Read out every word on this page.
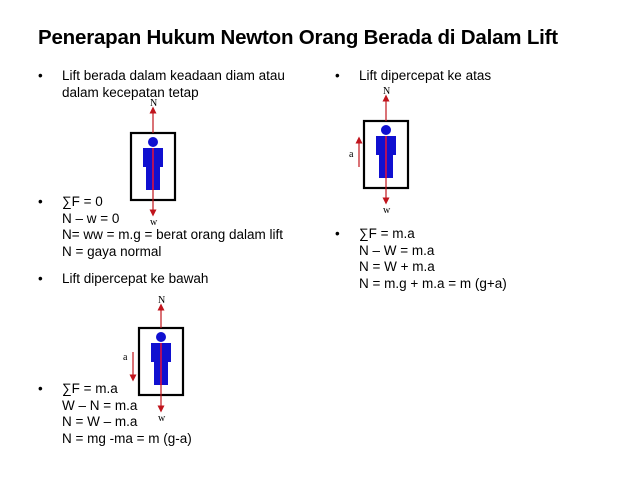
Penerapan Hukum Newton Orang Berada di Dalam Lift
• Lift berada dalam keadaan diam atau
dalam kecepatan tetap
• ∑F = 0
N – w = 0
N= ww = m.g = berat orang dalam lift
N = gaya normal
• Lift dipercepat ke bawah
• ∑F = m.a
W – N = m.a
N = W – m.a
N = mg -ma = m (g-a)
• Lift dipercepat ke atas
• ∑F = m.a
N – W = m.a
N = W + m.a
N = m.g + m.a = m (g+a)
N
w
N
w
a
N
w
a
